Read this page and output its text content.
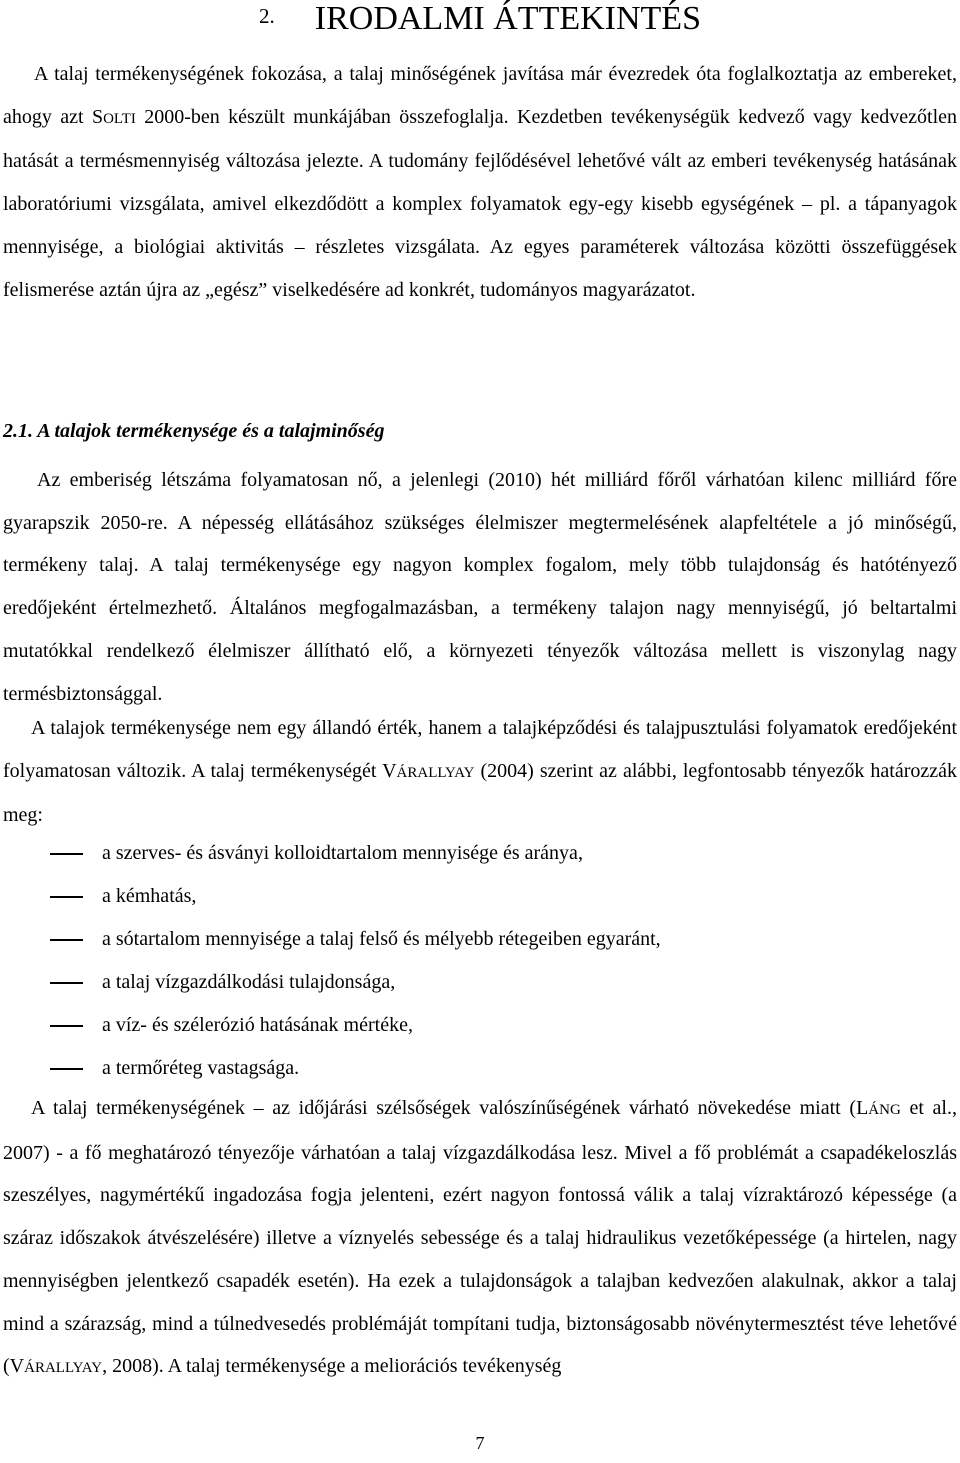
2. IRODALMI ÁTTEKINTÉS

A talaj termékenységének fokozása, a talaj minőségének javítása már évezredek óta foglalkoztatja az embereket, ahogy azt SOLTI 2000-ben készült munkájában összefoglalja. Kezdetben tevékenységük kedvező vagy kedvezőtlen hatását a termésmennyiség változása jelezte. A tudomány fejlődésével lehetővé vált az emberi tevékenység hatásának laboratóriumi vizsgálata, amivel elkezdődött a komplex folyamatok egy-egy kisebb egységének – pl. a tápanyagok mennyisége, a biológiai aktivitás – részletes vizsgálata. Az egyes paraméterek változása közötti összefüggések felismerése aztán újra az „egész” viselkedésére ad konkrét, tudományos magyarázatot.

2.1. A talajok termékenysége és a talajminőség

Az emberiség létszáma folyamatosan nő, a jelenlegi (2010) hét milliárd főről várhatóan kilenc milliárd főre gyarapszik 2050-re. A népesség ellátásához szükséges élelmiszer megtermelésének alapfeltétele a jó minőségű, termékeny talaj. A talaj termékenysége egy nagyon komplex fogalom, mely több tulajdonság és hatótényező eredőjeként értelmezhető. Általános megfogalmazásban, a termékeny talajon nagy mennyiségű, jó beltartalmi mutatókkal rendelkező élelmiszer állítható elő, a környezeti tényezők változása mellett is viszonylag nagy termésbiztonsággal.

A talajok termékenysége nem egy állandó érték, hanem a talajképződési és talajpusztulási folyamatok eredőjeként folyamatosan változik. A talaj termékenységét VÁRALLYAY (2004) szerint az alábbi, legfontosabb tényezők határozzák meg:

a szerves- és ásványi kolloidtartalom mennyisége és aránya,
a kémhatás,
a sótartalom mennyisége a talaj felső és mélyebb rétegeiben egyaránt,
a talaj vízgazdálkodási tulajdonsága,
a víz- és szélerózió hatásának mértéke,
a termőréteg vastagsága.

A talaj termékenységének – az időjárási szélsőségek valószínűségének várható növekedése miatt (LÁNG et al., 2007) - a fő meghatározó tényezője várhatóan a talaj vízgazdálkodása lesz. Mivel a fő problémát a csapadékeloszlás szeszélyes, nagymértékű ingadozása fogja jelenteni, ezért nagyon fontossá válik a talaj vízraktározó képessége (a száraz időszakok átvészelésére) illetve a víznyelés sebessége és a talaj hidraulikus vezetőképessége (a hirtelen, nagy mennyiségben jelentkező csapadék esetén). Ha ezek a tulajdonságok a talajban kedvezően alakulnak, akkor a talaj mind a szárazság, mind a túlnedvesedés problémáját tompítani tudja, biztonságosabb növénytermesztést téve lehetővé (VÁRALLYAY, 2008). A talaj termékenysége a meliorációs tevékenység

7
